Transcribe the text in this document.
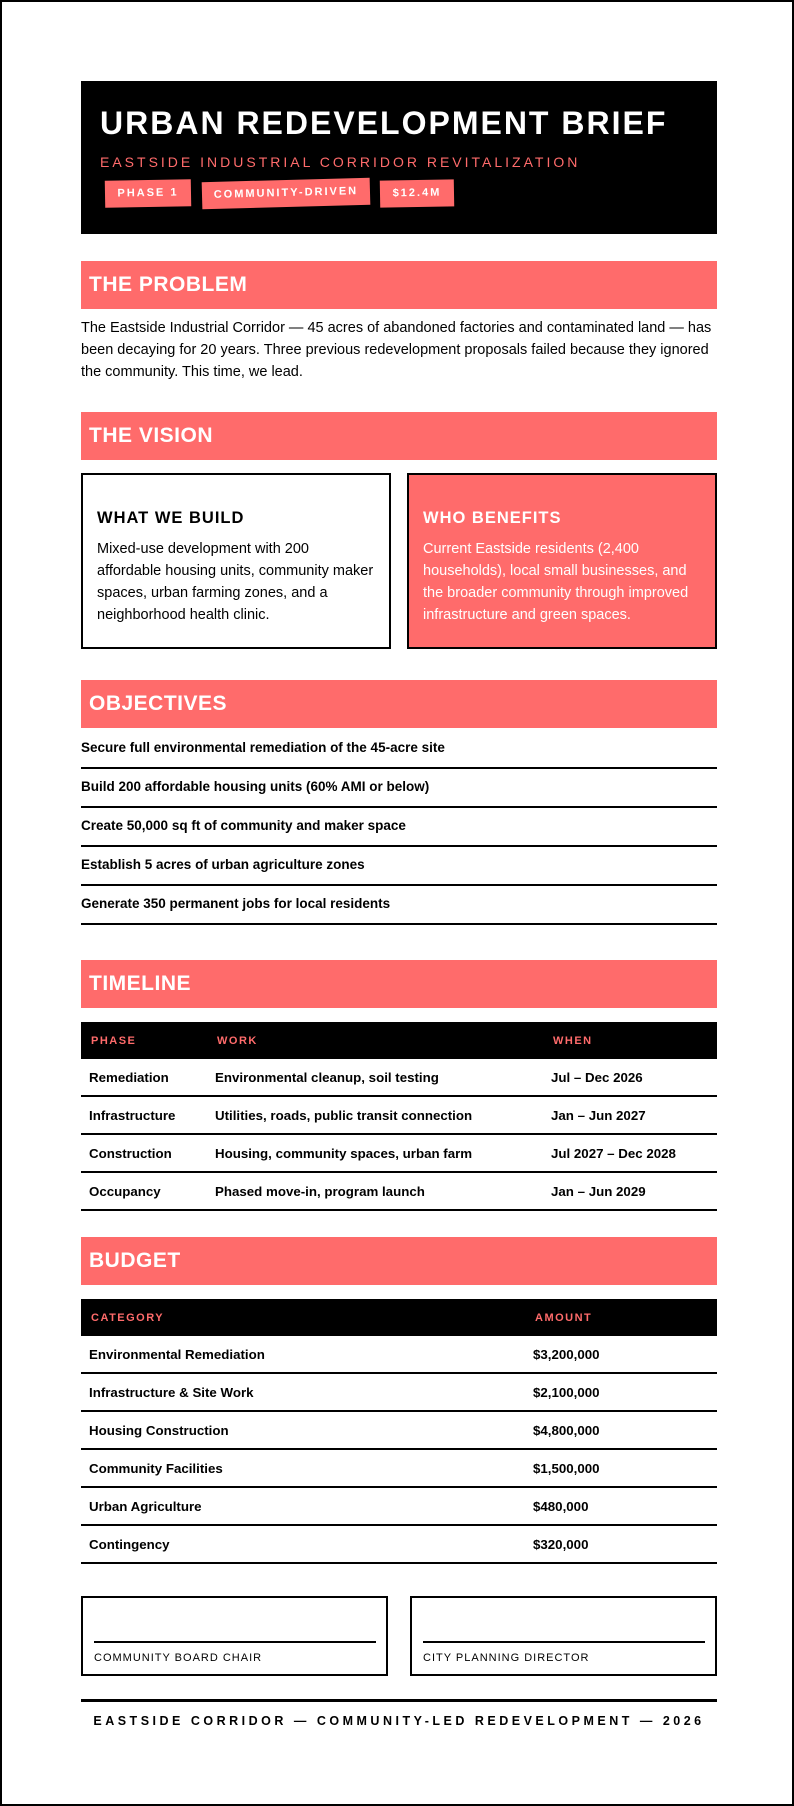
URBAN REDEVELOPMENT BRIEF
EASTSIDE INDUSTRIAL CORRIDOR REVITALIZATION
PHASE 1	COMMUNITY-DRIVEN	$12.4M
THE PROBLEM
The Eastside Industrial Corridor — 45 acres of abandoned factories and contaminated land — has been decaying for 20 years. Three previous redevelopment proposals failed because they ignored the community. This time, we lead.
THE VISION
WHAT WE BUILD

Mixed-use development with 200 affordable housing units, community maker spaces, urban farming zones, and a neighborhood health clinic.

WHO BENEFITS

Current Eastside residents (2,400 households), local small businesses, and the broader community through improved infrastructure and green spaces.

OBJECTIVES
Secure full environmental remediation of the 45-acre site
Build 200 affordable housing units (60% AMI or below)
Create 50,000 sq ft of community and maker space
Establish 5 acres of urban agriculture zones
Generate 350 permanent jobs for local residents
TIMELINE
PHASE	WORK	WHEN
Remediation	Environmental cleanup, soil testing	Jul – Dec 2026
Infrastructure	Utilities, roads, public transit connection	Jan – Jun 2027
Construction	Housing, community spaces, urban farm	Jul 2027 – Dec 2028
Occupancy	Phased move-in, program launch	Jan – Jun 2029
BUDGET
CATEGORY	AMOUNT
Environmental Remediation	$3,200,000
Infrastructure & Site Work	$2,100,000
Housing Construction	$4,800,000
Community Facilities	$1,500,000
Urban Agriculture	$480,000
Contingency	$320,000
COMMUNITY BOARD CHAIR	CITY PLANNING DIRECTOR
EASTSIDE CORRIDOR — COMMUNITY-LED REDEVELOPMENT — 2026
